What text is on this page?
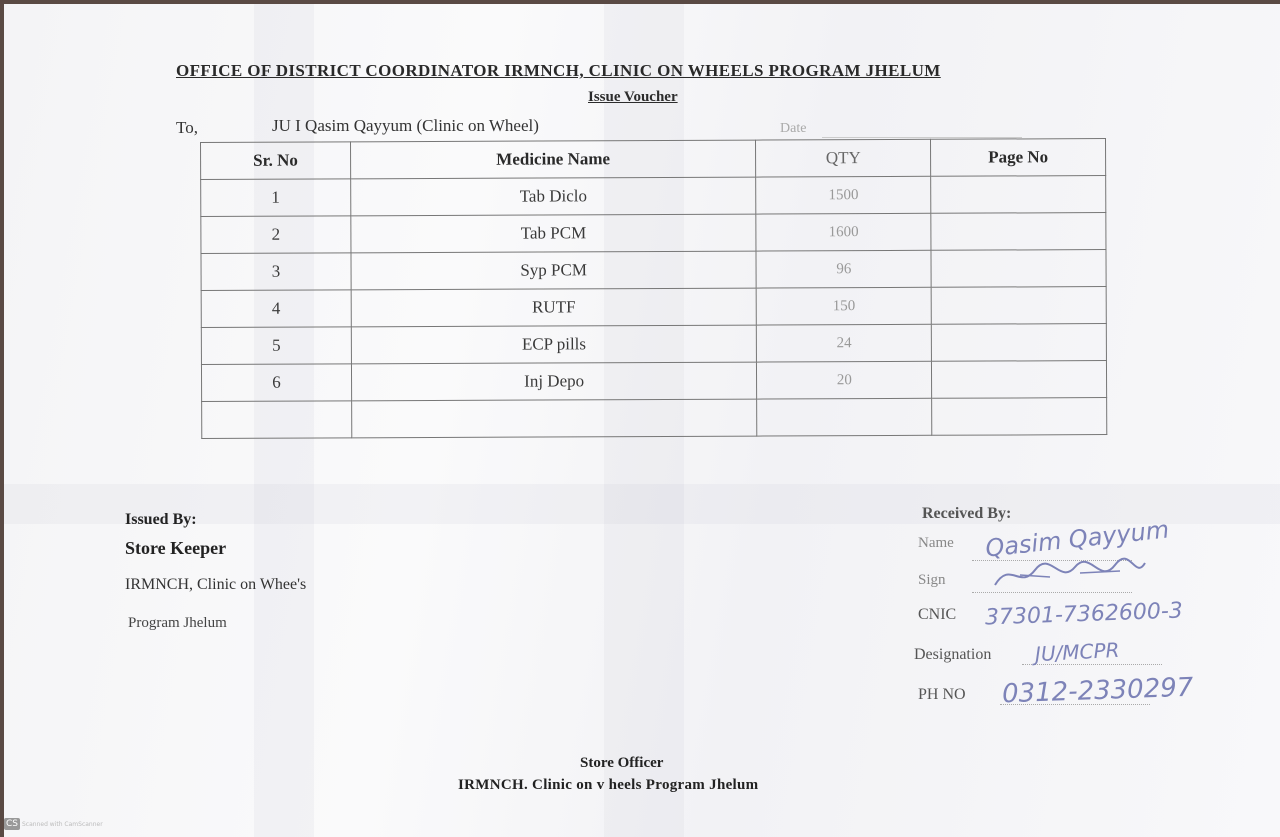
OFFICE OF DISTRICT COORDINATOR IRMNCH, CLINIC ON WHEELS PROGRAM JHELUM
Issue Voucher
To,	JU I Qasim Qayyum (Clinic on Wheel)	Date
Sr. No	Medicine Name	QTY	Page No
1	Tab Diclo	1500	
2	Tab PCM	1600	
3	Syp PCM	96	
4	RUTF	150	
5	ECP pills	24	
6	Inj Depo	20	

Issued By:
Store Keeper
IRMNCH, Clinic on Whee's
Program Jhelum
Received By:
Name Qasim Qayyum
Sign
CNIC 37301-7362600-3
Designation JU/MCPR
PH NO 0312-2330297
Store Officer
IRMNCH. Clinic on v heels Program Jhelum
CS Scanned with CamScanner
